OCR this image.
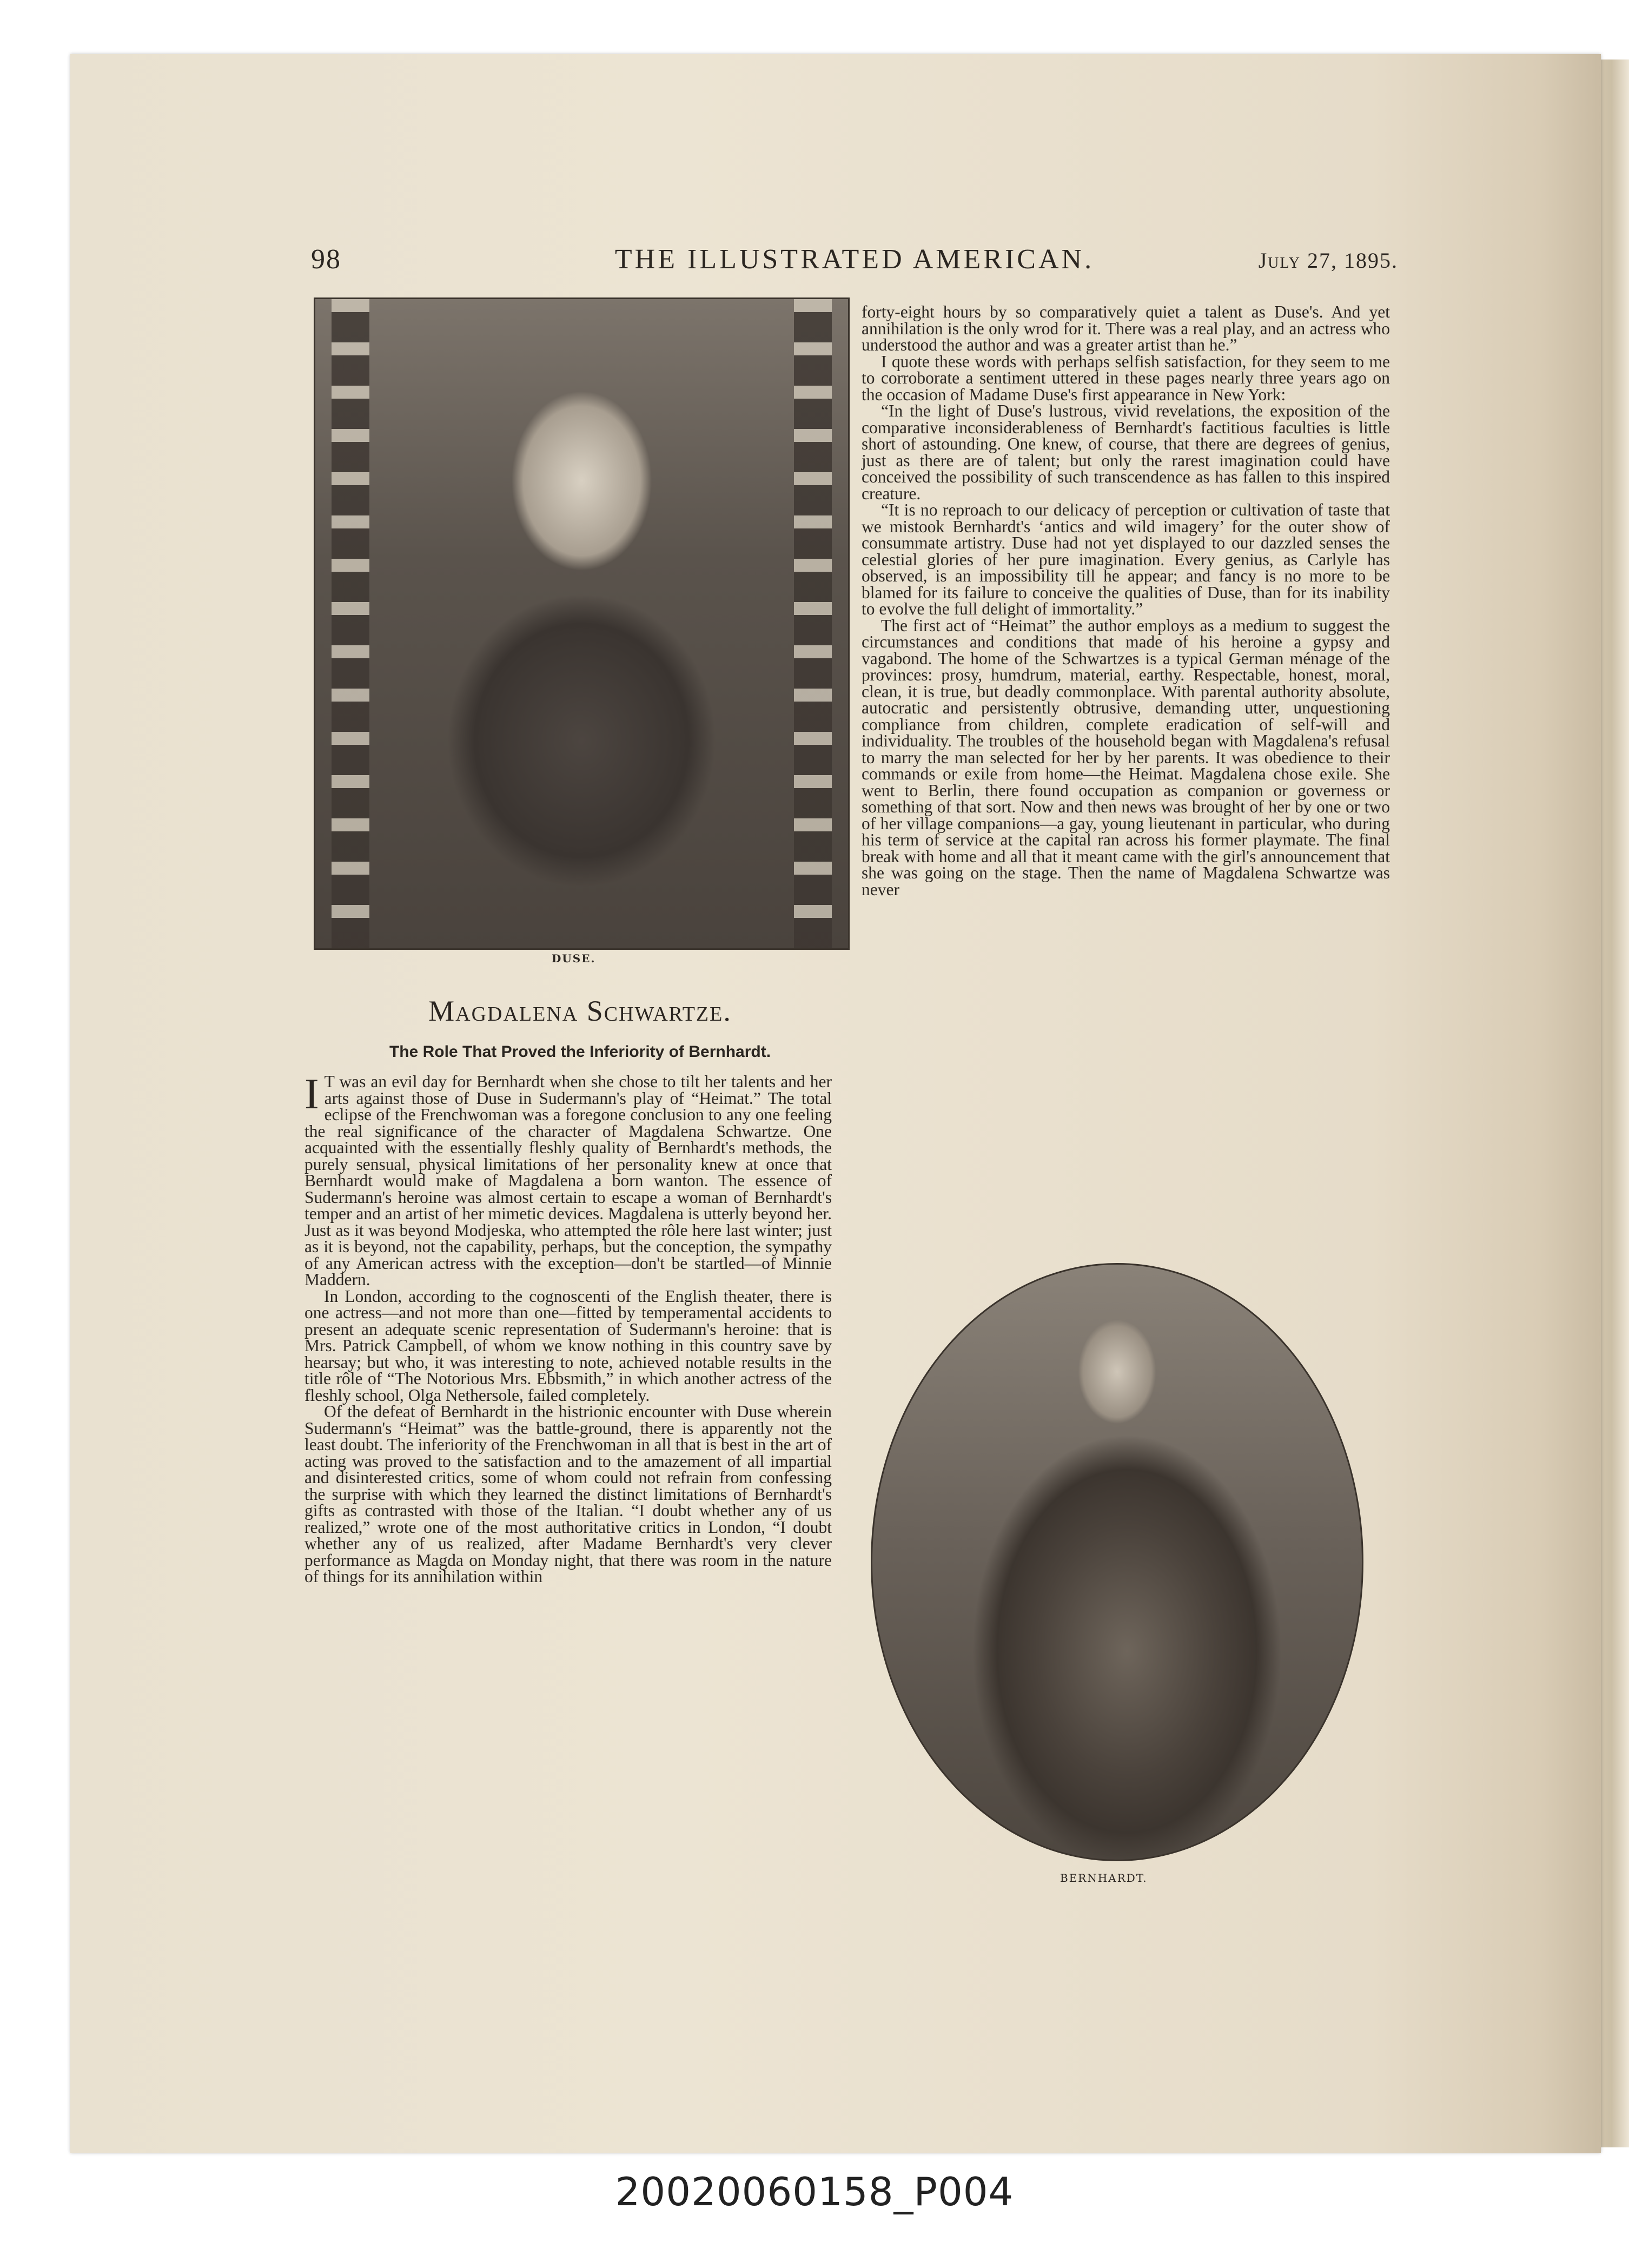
98	THE ILLUSTRATED AMERICAN.	July 27, 1895.
DUSE.
Magdalena Schwartze.
The Role That Proved the Inferiority of Bernhardt.

I T was an evil day for Bernhardt when she chose to tilt her talents and her arts against those of Duse in Sudermann's play of “Heimat.” The total eclipse of the Frenchwoman was a foregone conclusion to any one feeling the real significance of the character of Magdalena Schwartze. One acquainted with the essentially fleshly quality of Bernhardt's methods, the purely sensual, physical limitations of her personality knew at once that Bernhardt would make of Magdalena a born wanton. The essence of Sudermann's heroine was almost certain to escape a woman of Bernhardt's temper and an artist of her mimetic devices. Magdalena is utterly beyond her. Just as it was beyond Modjeska, who attempted the rôle here last winter; just as it is beyond, not the capability, perhaps, but the conception, the sympathy of any American actress with the exception—don't be startled—of Minnie Maddern.

In London, according to the cognoscenti of the English theater, there is one actress—and not more than one—fitted by temperamental accidents to present an adequate scenic representation of Sudermann's heroine: that is Mrs. Patrick Campbell, of whom we know nothing in this country save by hearsay; but who, it was interesting to note, achieved notable results in the title rôle of “The Notorious Mrs. Ebbsmith,” in which another actress of the fleshly school, Olga Nethersole, failed completely.

Of the defeat of Bernhardt in the histrionic encounter with Duse wherein Sudermann's “Heimat” was the battle-ground, there is apparently not the least doubt. The inferiority of the Frenchwoman in all that is best in the art of acting was proved to the satisfaction and to the amazement of all impartial and disinterested critics, some of whom could not refrain from confessing the surprise with which they learned the distinct limitations of Bernhardt's gifts as contrasted with those of the Italian. “I doubt whether any of us realized,” wrote one of the most authoritative critics in London, “I doubt whether any of us realized, after Madame Bernhardt's very clever performance as Magda on Monday night, that there was room in the nature of things for its annihilation within

forty-eight hours by so comparatively quiet a talent as Duse's. And yet annihilation is the only wrod for it. There was a real play, and an actress who understood the author and was a greater artist than he.”

I quote these words with perhaps selfish satisfaction, for they seem to me to corroborate a sentiment uttered in these pages nearly three years ago on the occasion of Madame Duse's first appearance in New York:

“In the light of Duse's lustrous, vivid revelations, the exposition of the comparative inconsiderableness of Bernhardt's factitious faculties is little short of astounding. One knew, of course, that there are degrees of genius, just as there are of talent; but only the rarest imagination could have conceived the possibility of such transcendence as has fallen to this inspired creature.

“It is no reproach to our delicacy of perception or cultivation of taste that we mistook Bernhardt's ‘antics and wild imagery’ for the outer show of consummate artistry. Duse had not yet displayed to our dazzled senses the celestial glories of her pure imagination. Every genius, as Carlyle has observed, is an impossibility till he appear; and fancy is no more to be blamed for its failure to conceive the qualities of Duse, than for its inability to evolve the full delight of immortality.”

The first act of “Heimat” the author employs as a medium to suggest the circumstances and conditions that made of his heroine a gypsy and vagabond. The home of the Schwartzes is a typical German ménage of the provinces: prosy, humdrum, material, earthy. Respectable, honest, moral, clean, it is true, but deadly commonplace. With parental authority absolute, autocratic and persistently obtrusive, demanding utter, unquestioning compliance from children, complete eradication of self-will and individuality. The troubles of the household began with Magdalena's refusal to marry the man selected for her by her parents. It was obedience to their commands or exile from home—the Heimat. Magdalena chose exile. She went to Berlin, there found occupation as companion or governess or something of that sort. Now and then news was brought of her by one or two of her village companions—a gay, young lieutenant in particular, who during his term of service at the capital ran across his former playmate. The final break with home and all that it meant came with the girl's announcement that she was going on the stage. Then the name of Magdalena Schwartze was never

BERNHARDT.
20020060158_P004
